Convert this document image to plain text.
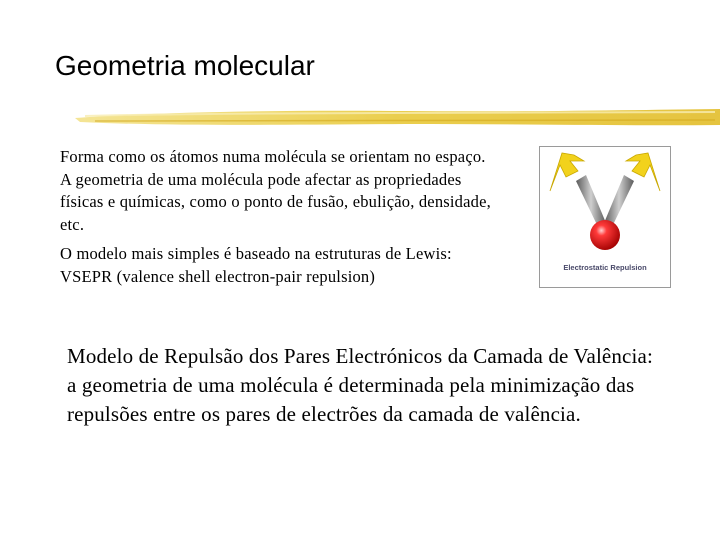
Geometria molecular

Forma como os átomos numa molécula se orientam no espaço. A geometria de uma molécula pode afectar as propriedades físicas e químicas, como o ponto de fusão, ebulição, densidade, etc.

O modelo mais simples é baseado na estruturas de Lewis: VSEPR (valence shell electron-pair repulsion)	Electrostatic Repulsion

Modelo de Repulsão dos Pares Electrónicos da Camada de Valência: a geometria de uma molécula é determinada pela minimização das repulsões entre os pares de electrões da camada de valência.
